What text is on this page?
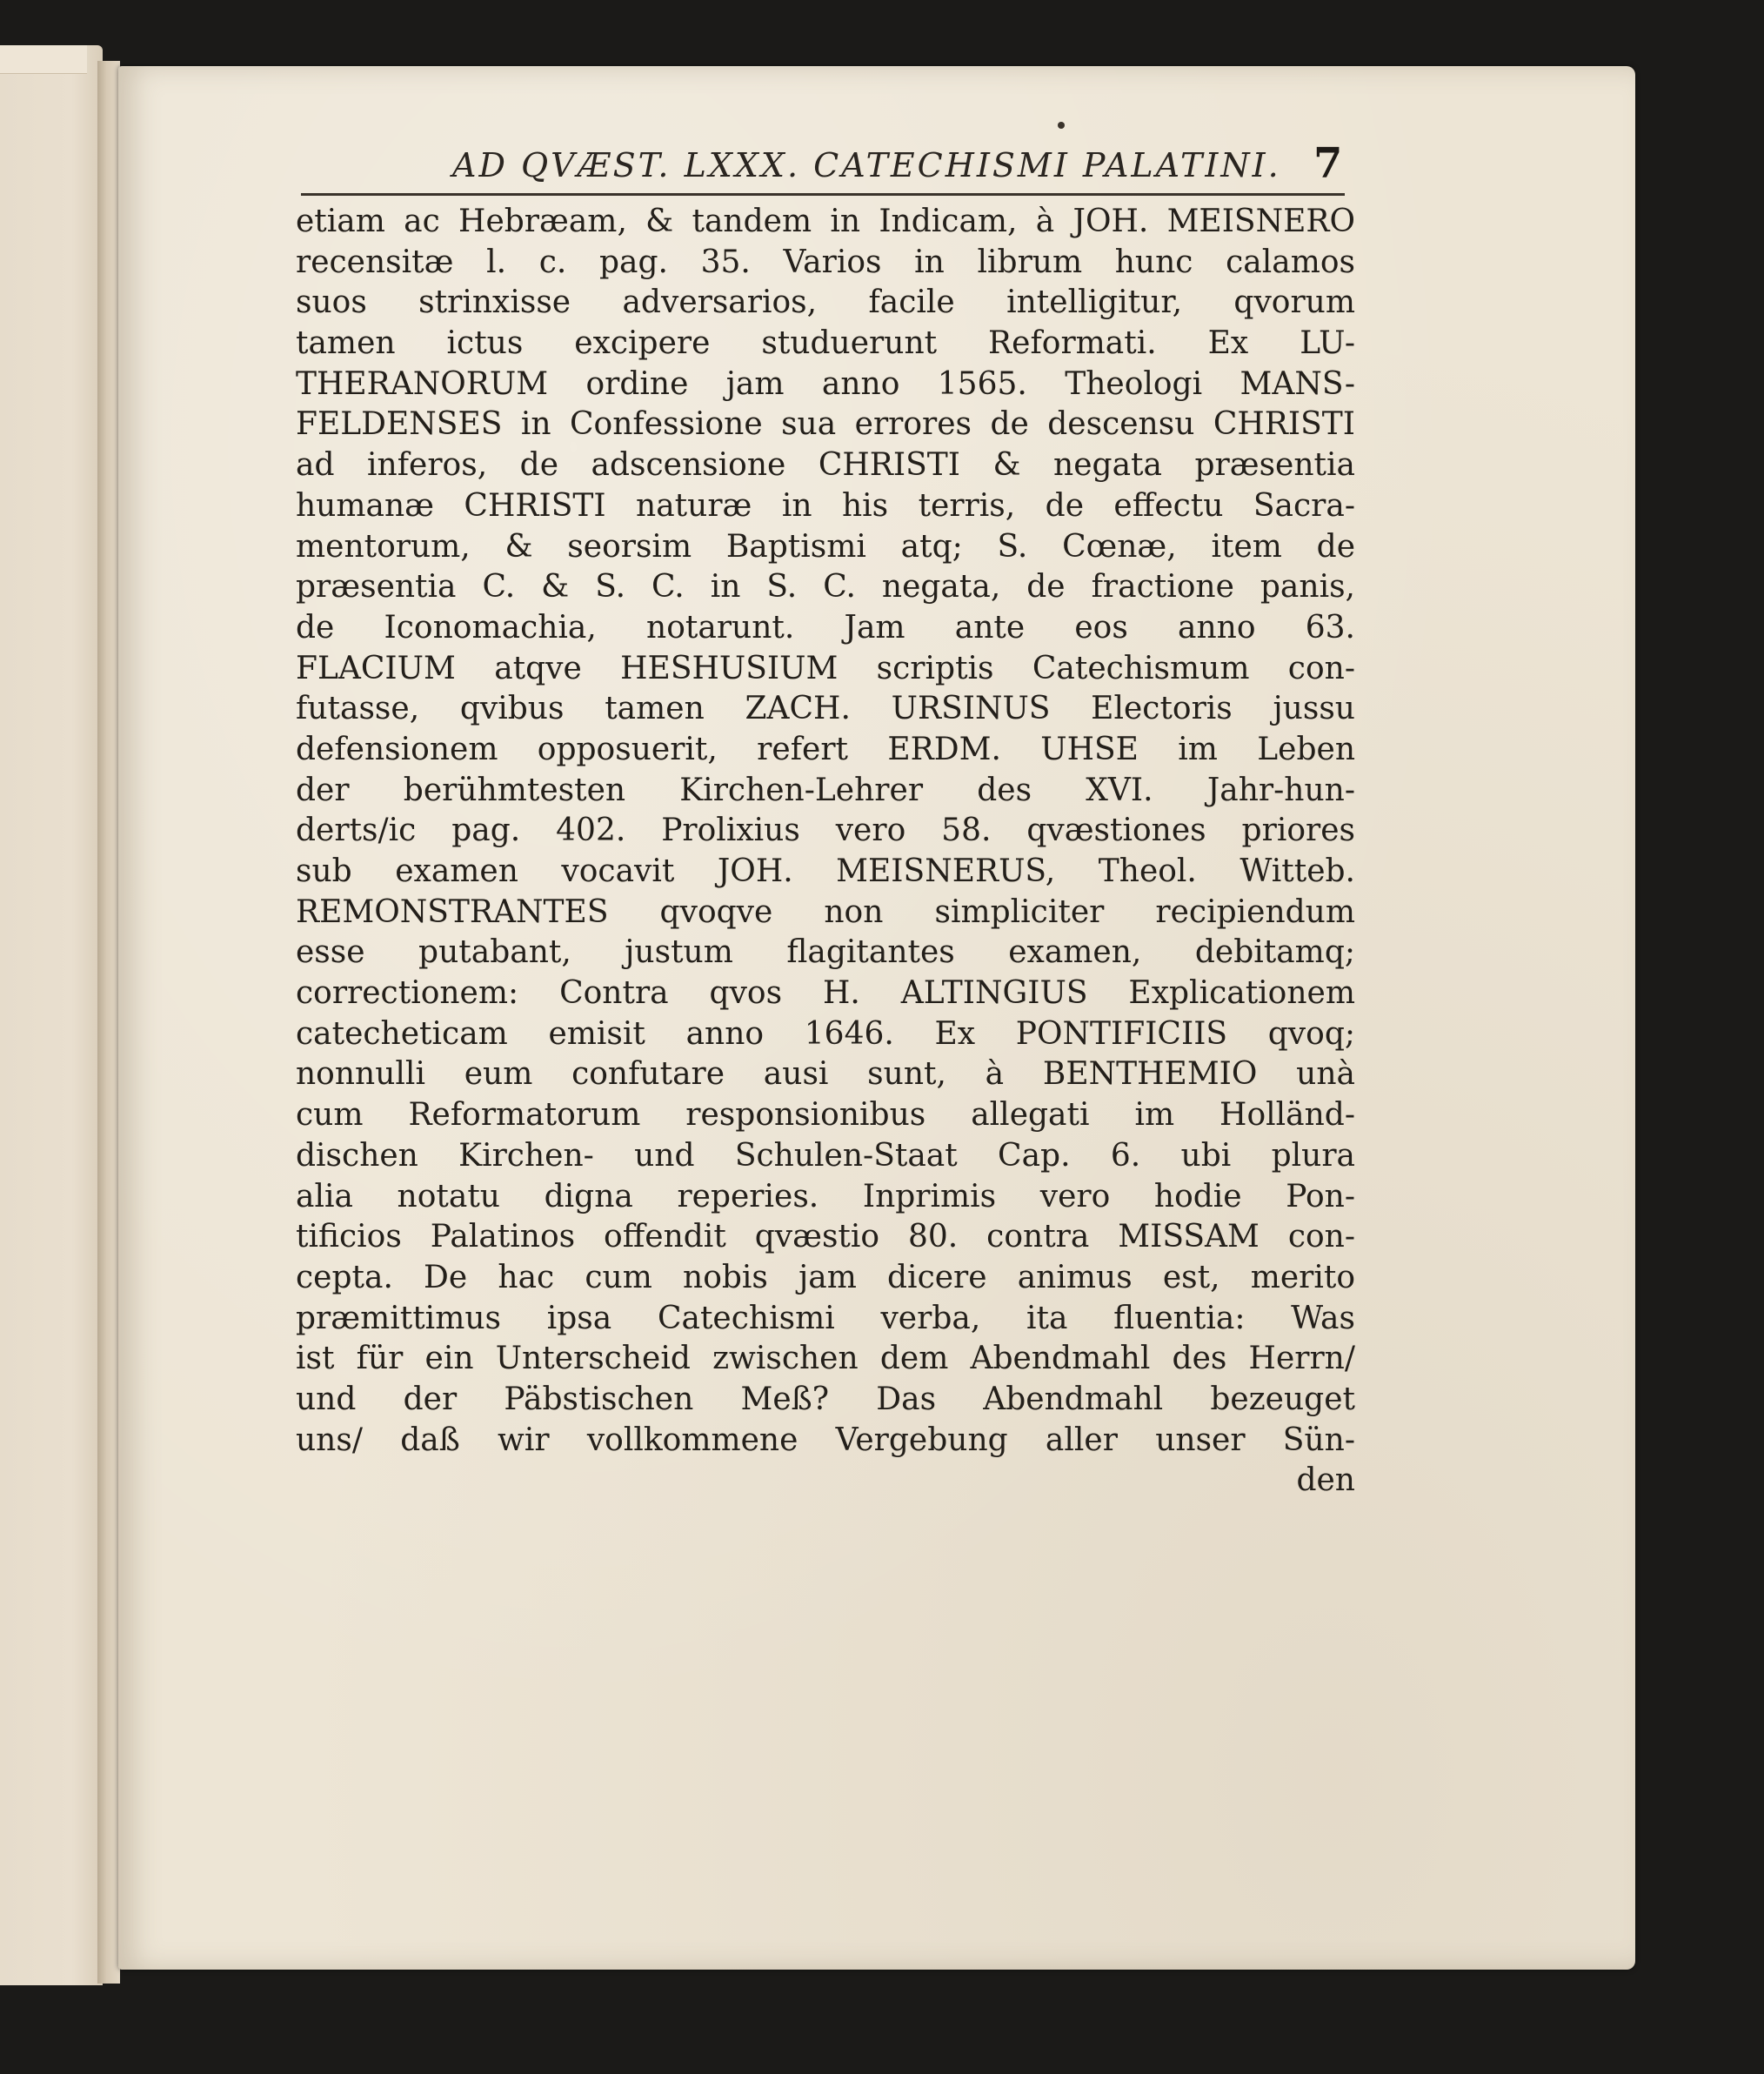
AD QVÆST. LXXX. CATECHISMI PALATINI. 7
etiam ac Hebræam, & tandem in Indicam, à JOH. MEISNERO
recensitæ l. c. pag. 35. Varios in librum hunc calamos
suos strinxisse adversarios, facile intelligitur, qvorum
tamen ictus excipere studuerunt Reformati. Ex LU-
THERANORUM ordine jam anno 1565. Theologi MANS-
FELDENSES in Confessione sua errores de descensu CHRISTI
ad inferos, de adscensione CHRISTI & negata præsentia
humanæ CHRISTI naturæ in his terris, de effectu Sacra-
mentorum, & seorsim Baptismi atq; S. Cœnæ, item de
præsentia C. & S. C. in S. C. negata, de fractione panis,
de Iconomachia, notarunt. Jam ante eos anno 63.
FLACIUM atqve HESHUSIUM scriptis Catechismum con-
futasse, qvibus tamen ZACH. URSINUS Electoris jussu
defensionem opposuerit, refert ERDM. UHSE im Leben
der berühmtesten Kirchen-Lehrer des XVI. Jahr-hun-
derts/ic pag. 402. Prolixius vero 58. qvæstiones priores
sub examen vocavit JOH. MEISNERUS, Theol. Witteb.
REMONSTRANTES qvoqve non simpliciter recipiendum
esse putabant, justum flagitantes examen, debitamq;
correctionem: Contra qvos H. ALTINGIUS Explicationem
catecheticam emisit anno 1646. Ex PONTIFICIIS qvoq;
nonnulli eum confutare ausi sunt, à BENTHEMIO unà
cum Reformatorum responsionibus allegati im Holländ-
dischen Kirchen- und Schulen-Staat Cap. 6. ubi plura
alia notatu digna reperies. Inprimis vero hodie Pon-
tificios Palatinos offendit qvæstio 80. contra MISSAM con-
cepta. De hac cum nobis jam dicere animus est, merito
præmittimus ipsa Catechismi verba, ita fluentia: Was
ist für ein Unterscheid zwischen dem Abendmahl des Herrn/
und der Päbstischen Meß? Das Abendmahl bezeuget
uns/ daß wir vollkommene Vergebung aller unser Sün-
den
